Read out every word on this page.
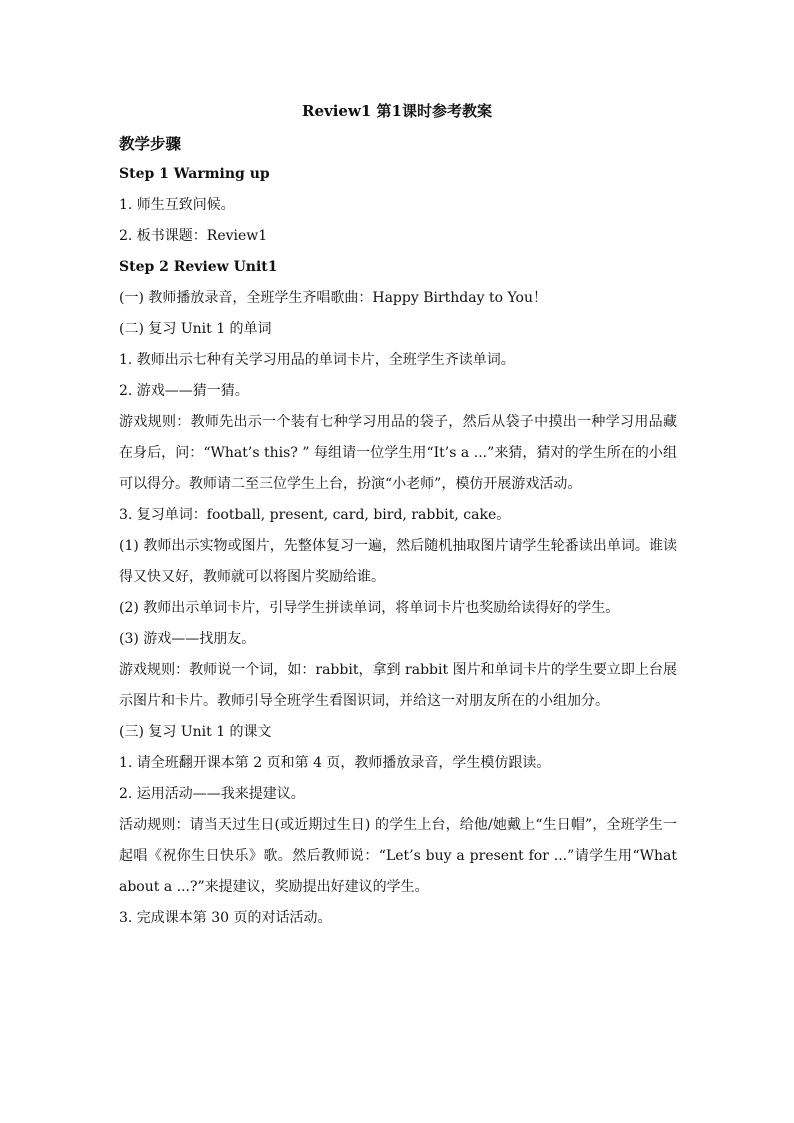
Review1 第1课时参考教案
教学步骤
Step 1 Warming up
1. 师生互致问候。
2. 板书课题：Review1
Step 2 Review Unit1
(一) 教师播放录音，全班学生齐唱歌曲：Happy Birthday to You！
(二) 复习 Unit 1 的单词
1. 教师出示七种有关学习用品的单词卡片，全班学生齐读单词。
2. 游戏——猜一猜。
游戏规则：教师先出示一个装有七种学习用品的袋子，然后从袋子中摸出一种学习用品藏在身后，问：“What’s this? ” 每组请一位学生用“It’s a ...”来猜，猜对的学生所在的小组可以得分。教师请二至三位学生上台，扮演“小老师”，模仿开展游戏活动。
3. 复习单词：football, present, card, bird, rabbit, cake。
(1) 教师出示实物或图片，先整体复习一遍，然后随机抽取图片请学生轮番读出单词。谁读得又快又好，教师就可以将图片奖励给谁。
(2) 教师出示单词卡片，引导学生拼读单词，将单词卡片也奖励给读得好的学生。
(3) 游戏——找朋友。
游戏规则：教师说一个词，如：rabbit，拿到 rabbit 图片和单词卡片的学生要立即上台展示图片和卡片。教师引导全班学生看图识词，并给这一对朋友所在的小组加分。
(三) 复习 Unit 1 的课文
1. 请全班翻开课本第 2 页和第 4 页，教师播放录音，学生模仿跟读。
2. 运用活动——我来提建议。
活动规则：请当天过生日(或近期过生日) 的学生上台，给他/她戴上“生日帽”，全班学生一起唱《祝你生日快乐》歌。然后教师说：“Let’s buy a present for ...”请学生用“What about a ...?”来提建议，奖励提出好建议的学生。
3. 完成课本第 30 页的对话活动。
